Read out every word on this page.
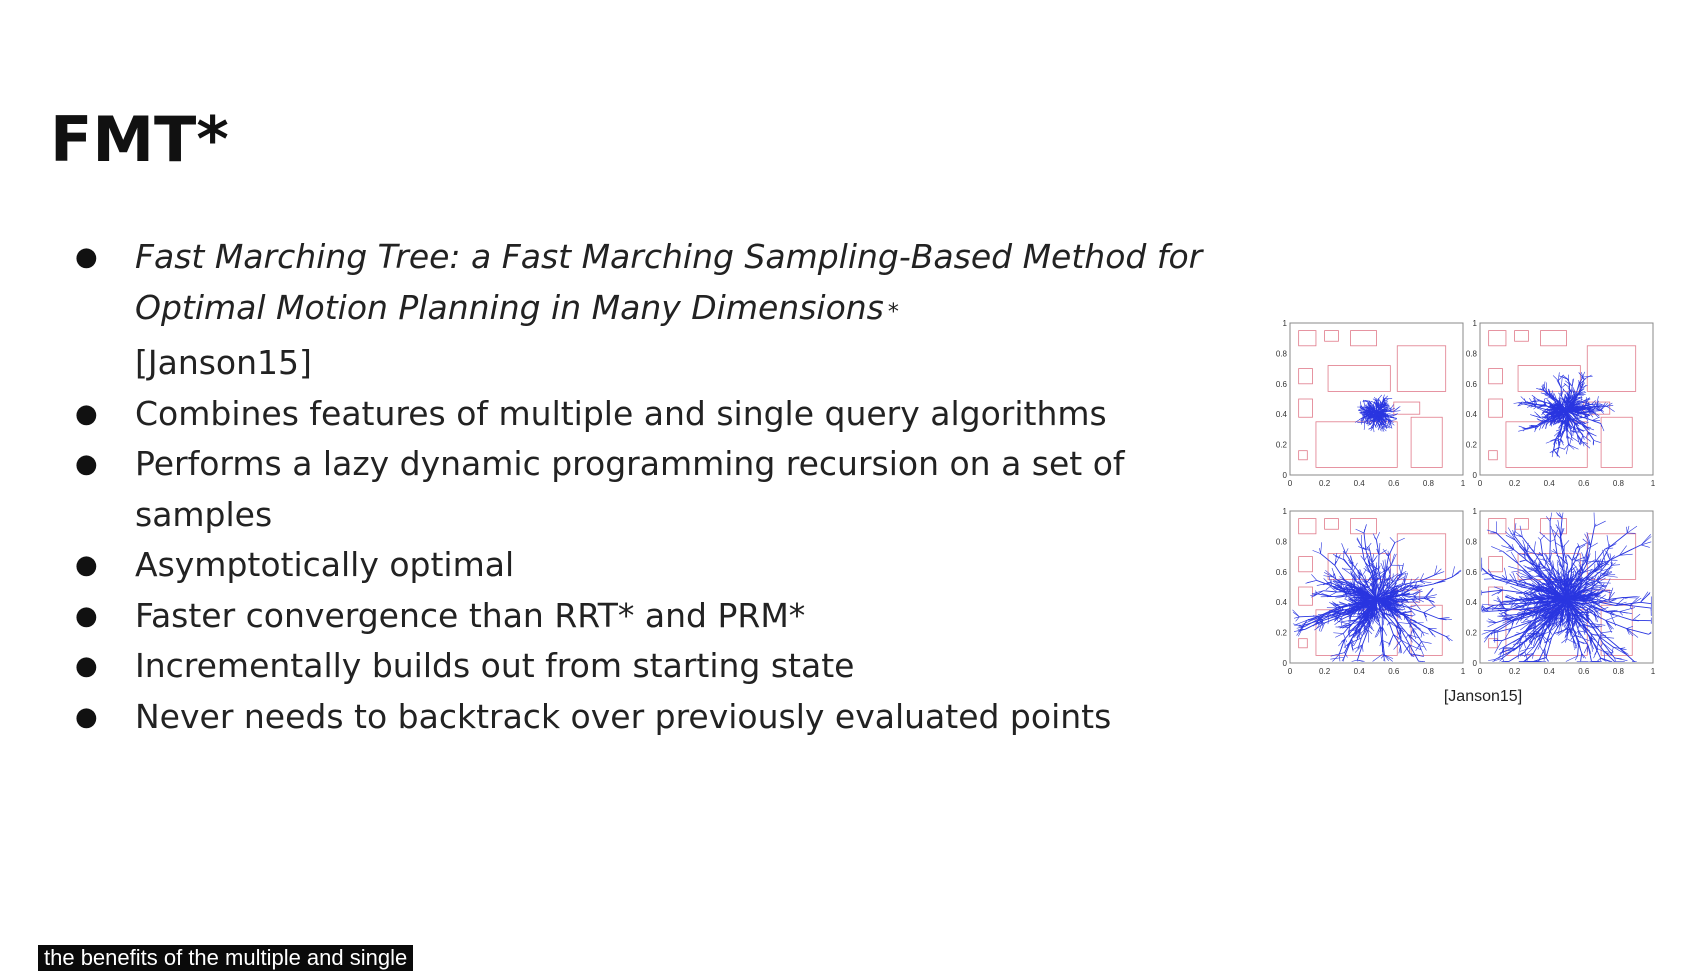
FMT*
● Fast Marching Tree: a Fast Marching Sampling-Based Method for Optimal Motion Planning in Many Dimensions *
[Janson15]
● Combines features of multiple and single query algorithms
● Performs a lazy dynamic programming recursion on a set of samples
● Asymptotically optimal
● Faster convergence than RRT* and PRM*
● Incrementally builds out from starting state
● Never needs to backtrack over previously evaluated points
0	0.2	0.4	0.6	0.8	1
0
0.2
0.4
0.6
0.8
1
0	0.2	0.4	0.6	0.8	1
0
0.2
0.4
0.6
0.8
1
0	0.2	0.4	0.6	0.8	1
0
0.2
0.4
0.6
0.8
1
0	0.2	0.4	0.6	0.8	1
0
0.2
0.4
0.6
0.8
1
[Janson15]
the benefits of the multiple and single
